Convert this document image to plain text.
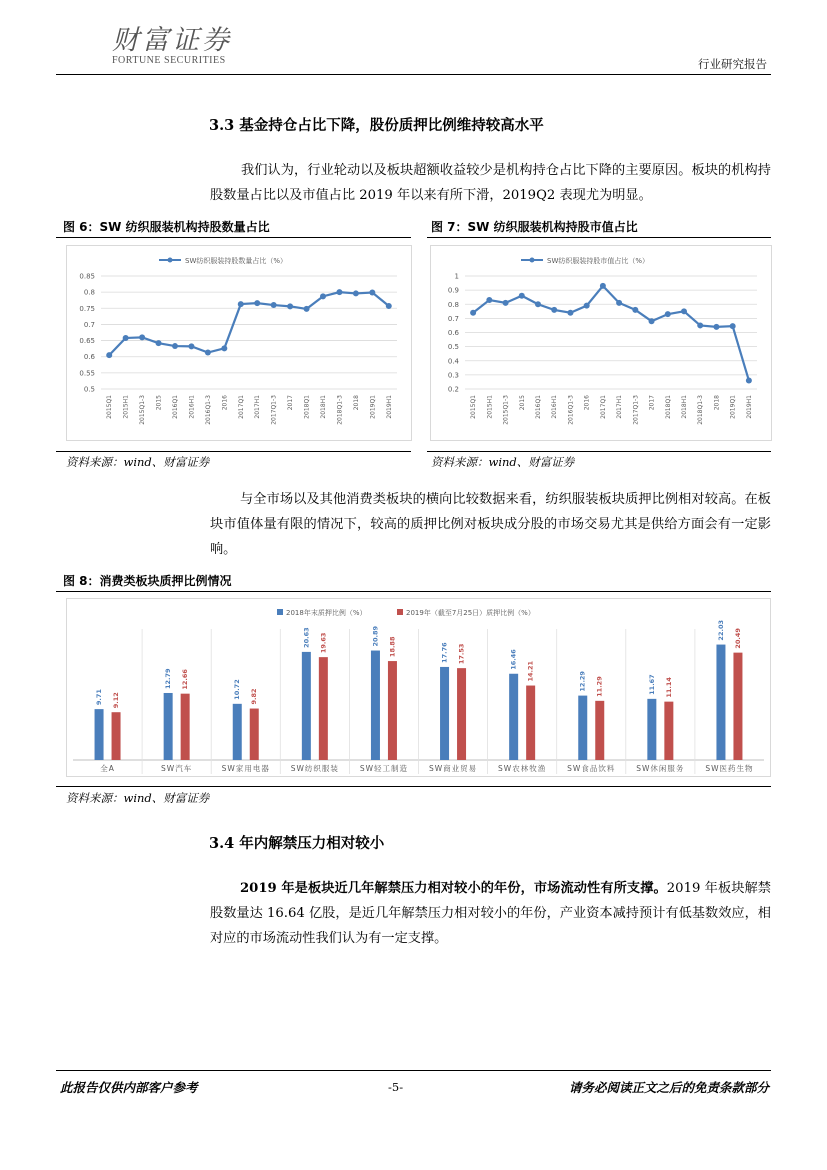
财富证券
FORTUNE SECURITIES	行业研究报告
3.3 基金持仓占比下降，股份质押比例维持较高水平
我们认为，行业轮动以及板块超额收益较少是机构持仓占比下降的主要原因。板块的机构持股数量占比以及市值占比 2019 年以来有所下滑，2019Q2 表现尤为明显。
图 6：SW 纺织服装机构持股数量占比	图 7：SW 纺织服装机构持股市值占比
SW纺织服装持股数量占比（%）
0.5
0.55
0.6
0.65
0.7
0.75
0.8
0.85
2015Q1 2015H1 2015Q1-3 2015 2016Q1 2016H1 2016Q1-3 2016 2017Q1 2017H1 2017Q1-3 2017 2018Q1 2018H1 2018Q1-3 2018 2019Q1 2019H1
SW纺织服装持股市值占比（%）
0.2
0.3
0.4
0.5
0.6
0.7
0.8
0.9
1
2015Q1 2015H1 2015Q1-3 2015 2016Q1 2016H1 2016Q1-3 2016 2017Q1 2017H1 2017Q1-3 2017 2018Q1 2018H1 2018Q1-3 2018 2019Q1 2019H1
资料来源：wind、财富证券	资料来源：wind、财富证券
与全市场以及其他消费类板块的横向比较数据来看，纺织服装板块质押比例相对较高。在板块市值体量有限的情况下，较高的质押比例对板块成分股的市场交易尤其是供给方面会有一定影响。
图 8：消费类板块质押比例情况
2018年末质押比例（%）	2019年（截至7月25日）质押比例（%）
9.71 9.12
全A
12.79 12.66
SW汽车
10.72 9.82
SW家用电器
20.63 19.63
SW纺织服装
20.89
18.88
SW轻工制造
17.76 17.53
SW商业贸易
16.46
14.21
SW农林牧渔
12.29 11.29
SW食品饮料
11.67 11.14
SW休闲服务
22.03 20.49
SW医药生物
资料来源：wind、财富证券
3.4 年内解禁压力相对较小
2019 年是板块近几年解禁压力相对较小的年份，市场流动性有所支撑。2019 年板块解禁股数量达 16.64 亿股，是近几年解禁压力相对较小的年份，产业资本减持预计有低基数效应，相对应的市场流动性我们认为有一定支撑。
此报告仅供内部客户参考	-5-	请务必阅读正文之后的免责条款部分
